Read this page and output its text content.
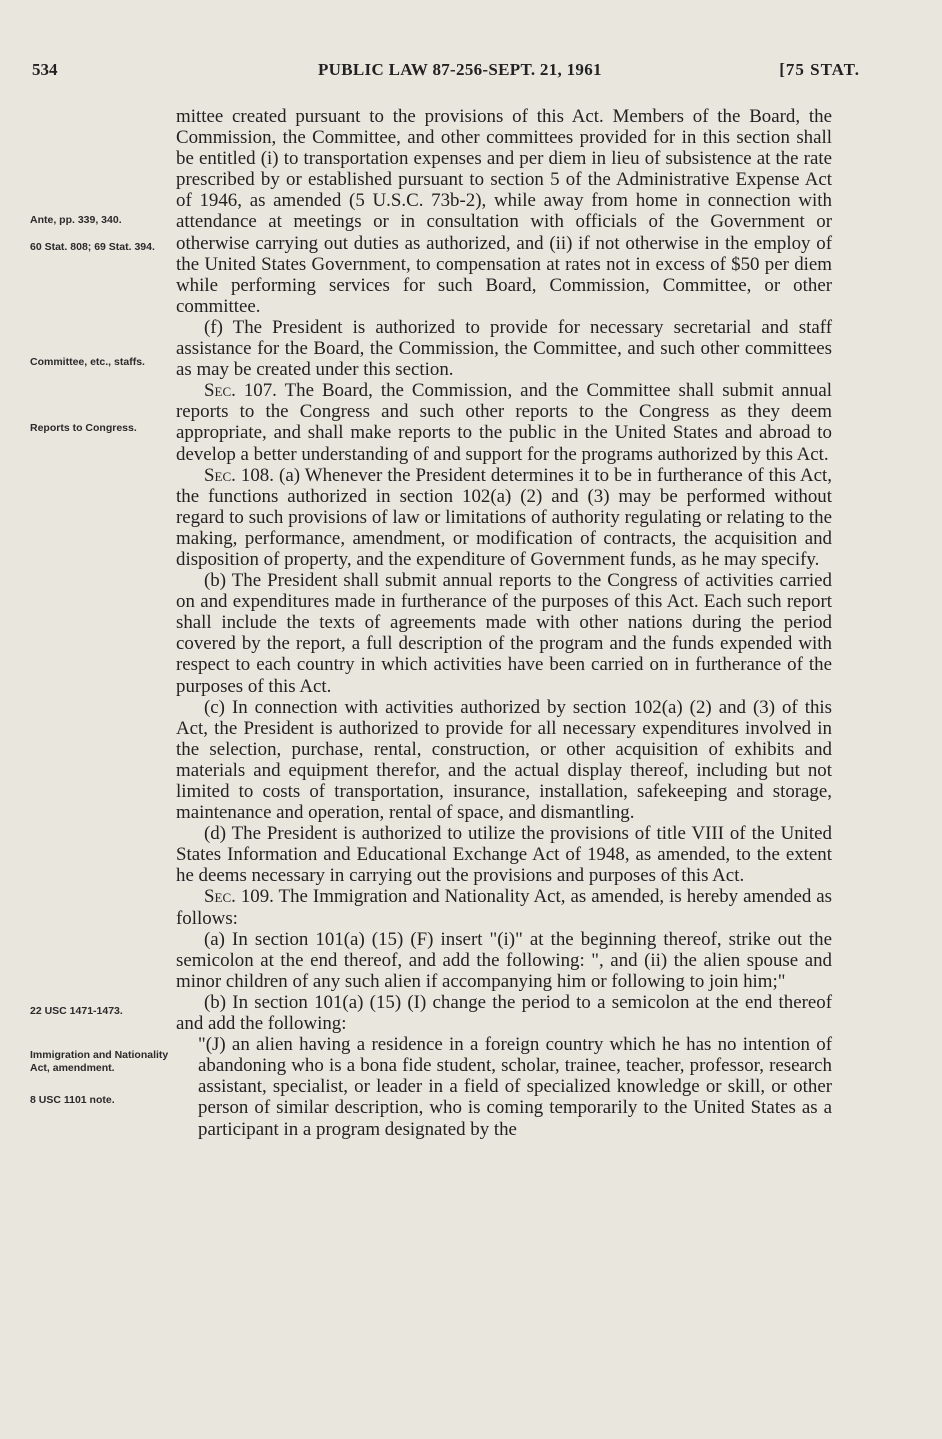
534	PUBLIC LAW 87-256-SEPT. 21, 1961	[75 STAT.
Ante, pp. 339, 340.
60 Stat. 808; 69 Stat. 394.
Committee, etc., staffs.
Reports to Congress.
22 USC 1471-1473.
Immigration and Nationality Act, amendment.
8 USC 1101 note.

mittee created pursuant to the provisions of this Act. Members of the Board, the Commission, the Committee, and other committees provided for in this section shall be entitled (i) to transportation expenses and per diem in lieu of subsistence at the rate prescribed by or established pursuant to section 5 of the Administrative Expense Act of 1946, as amended (5 U.S.C. 73b-2), while away from home in connection with attendance at meetings or in consultation with officials of the Government or otherwise carrying out duties as authorized, and (ii) if not otherwise in the employ of the United States Government, to compensation at rates not in excess of $50 per diem while performing services for such Board, Commission, Committee, or other committee.

(f) The President is authorized to provide for necessary secretarial and staff assistance for the Board, the Commission, the Committee, and such other committees as may be created under this section.

Sec. 107. The Board, the Commission, and the Committee shall submit annual reports to the Congress and such other reports to the Congress as they deem appropriate, and shall make reports to the public in the United States and abroad to develop a better understanding of and support for the programs authorized by this Act.

Sec. 108. (a) Whenever the President determines it to be in furtherance of this Act, the functions authorized in section 102(a) (2) and (3) may be performed without regard to such provisions of law or limitations of authority regulating or relating to the making, performance, amendment, or modification of contracts, the acquisition and disposition of property, and the expenditure of Government funds, as he may specify.

(b) The President shall submit annual reports to the Congress of activities carried on and expenditures made in furtherance of the purposes of this Act. Each such report shall include the texts of agreements made with other nations during the period covered by the report, a full description of the program and the funds expended with respect to each country in which activities have been carried on in furtherance of the purposes of this Act.

(c) In connection with activities authorized by section 102(a) (2) and (3) of this Act, the President is authorized to provide for all necessary expenditures involved in the selection, purchase, rental, construction, or other acquisition of exhibits and materials and equipment therefor, and the actual display thereof, including but not limited to costs of transportation, insurance, installation, safekeeping and storage, maintenance and operation, rental of space, and dismantling.

(d) The President is authorized to utilize the provisions of title VIII of the United States Information and Educational Exchange Act of 1948, as amended, to the extent he deems necessary in carrying out the provisions and purposes of this Act.

Sec. 109. The Immigration and Nationality Act, as amended, is hereby amended as follows:

(a) In section 101(a) (15) (F) insert "(i)" at the beginning thereof, strike out the semicolon at the end thereof, and add the following: ", and (ii) the alien spouse and minor children of any such alien if accompanying him or following to join him;"

(b) In section 101(a) (15) (I) change the period to a semicolon at the end thereof and add the following:

"(J) an alien having a residence in a foreign country which he has no intention of abandoning who is a bona fide student, scholar, trainee, teacher, professor, research assistant, specialist, or leader in a field of specialized knowledge or skill, or other person of similar description, who is coming temporarily to the United States as a participant in a program designated by the
